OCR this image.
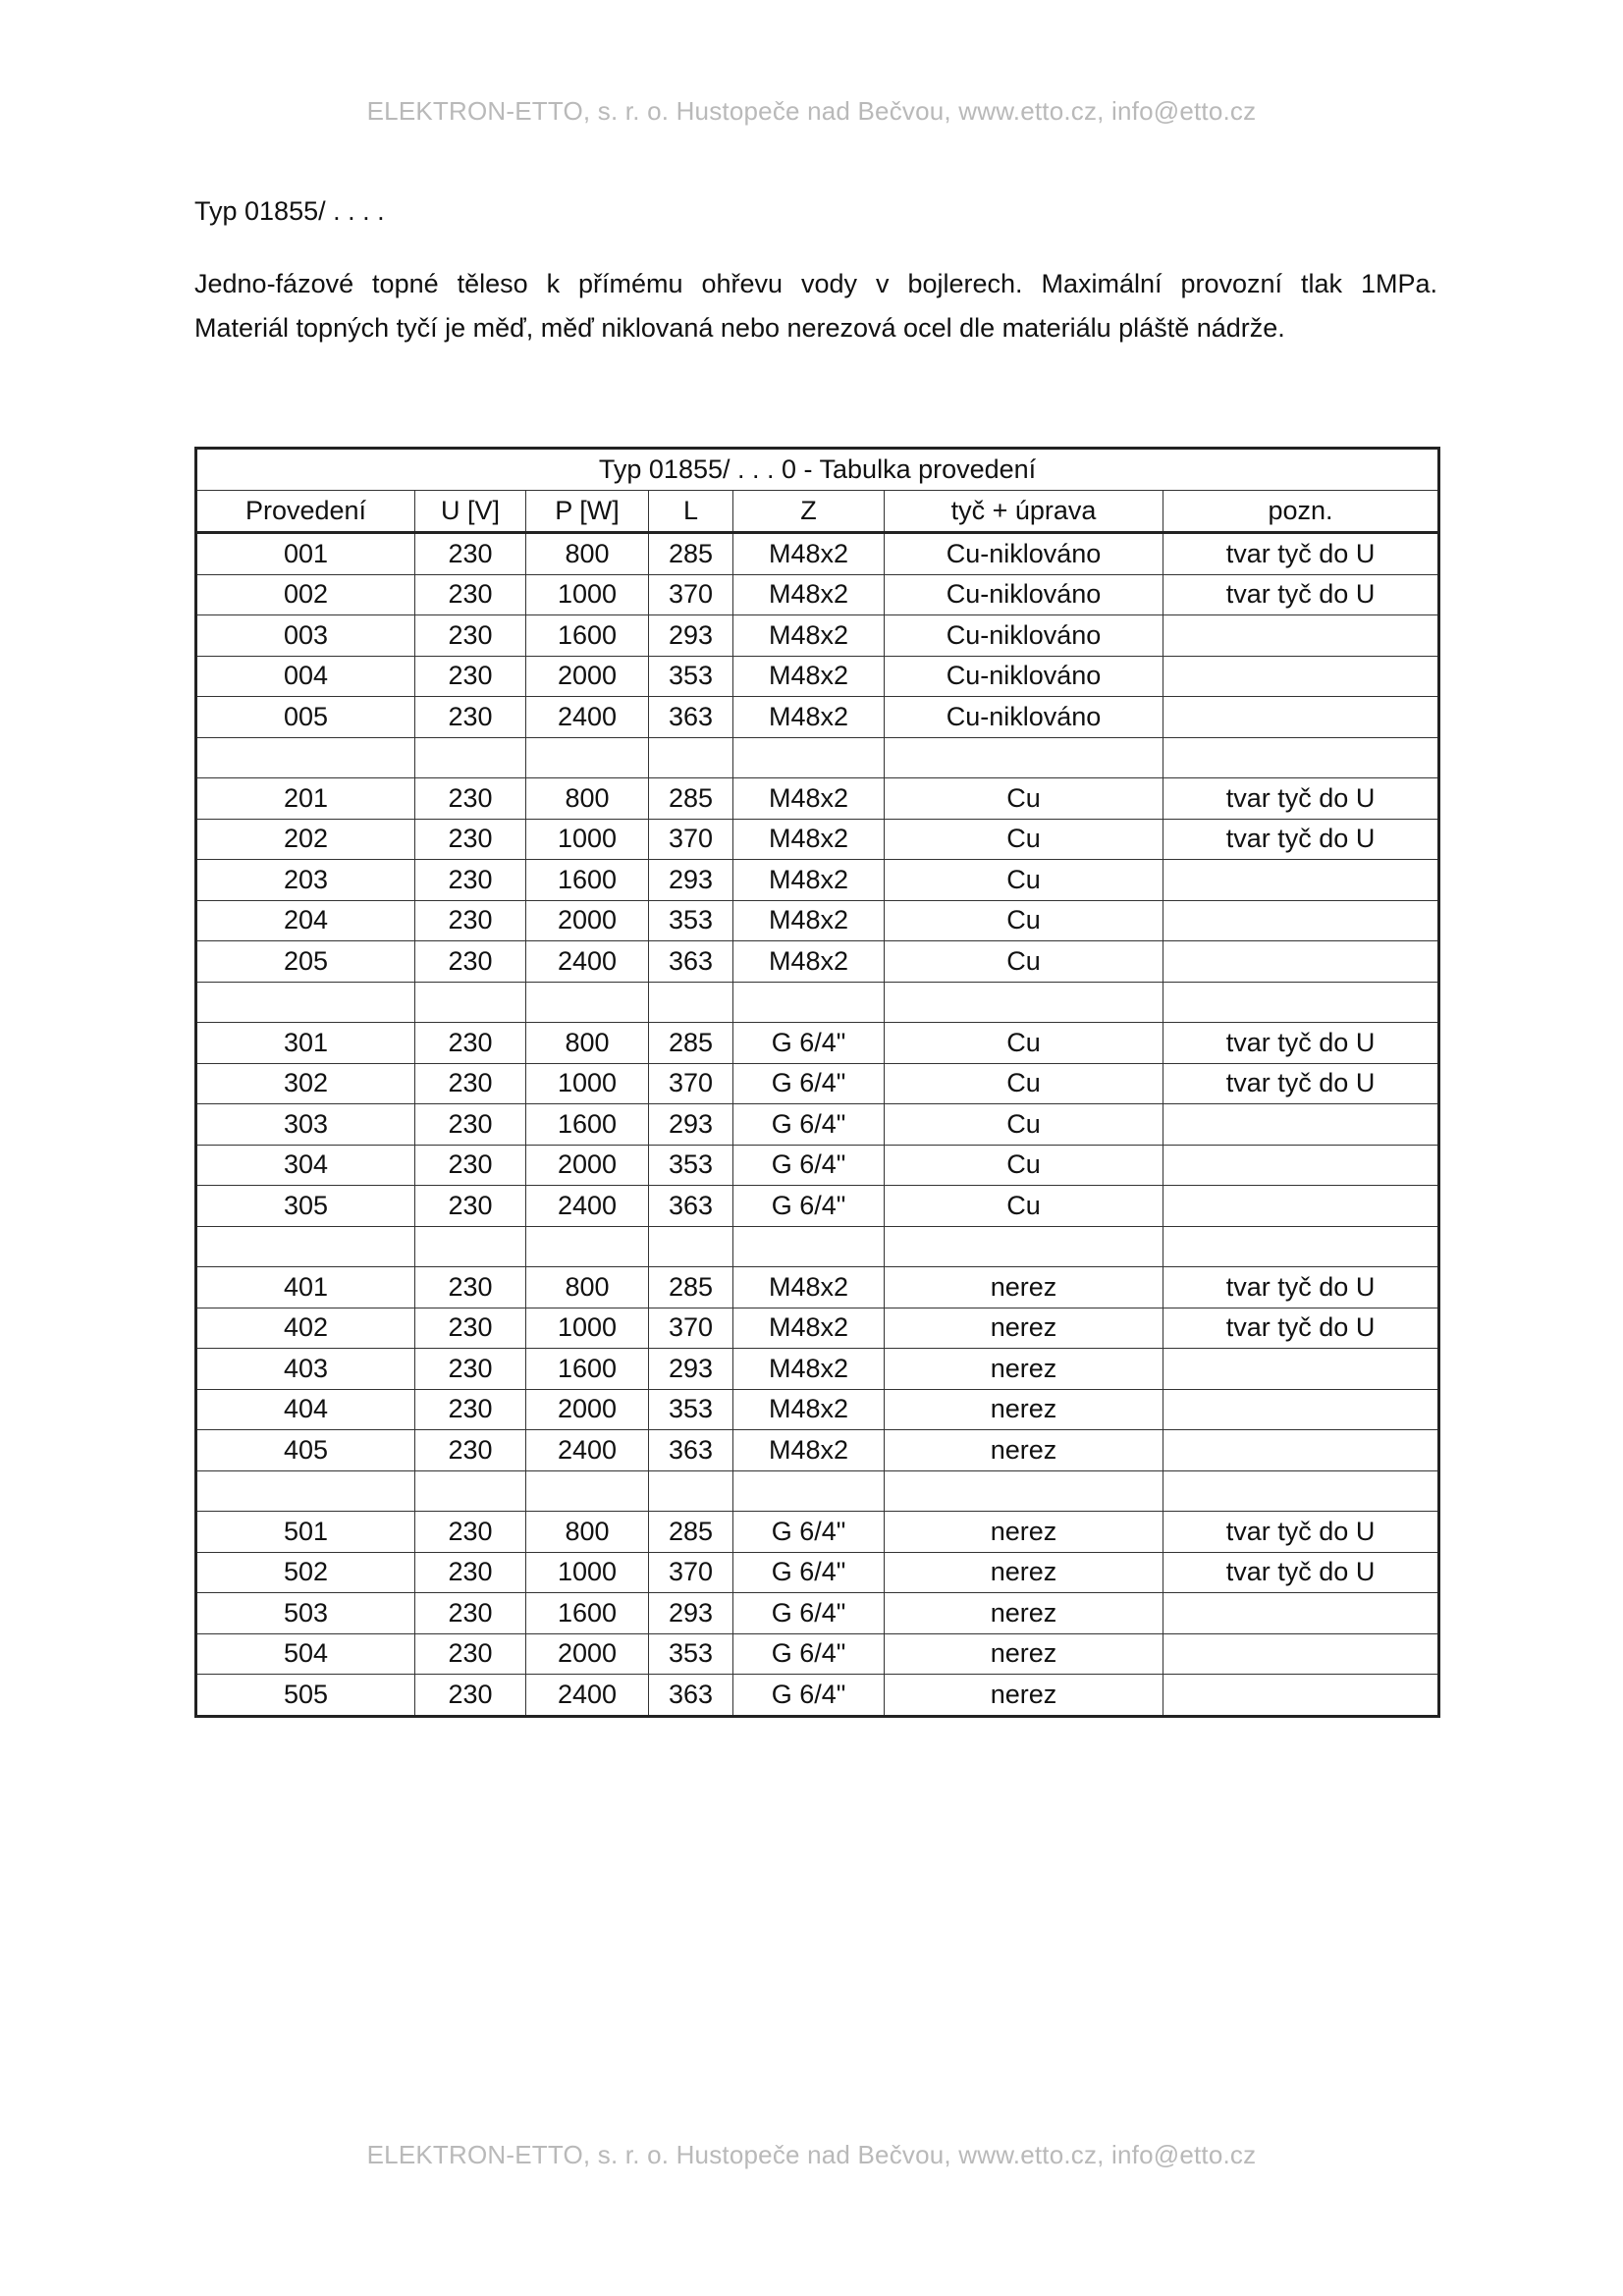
ELEKTRON-ETTO, s. r. o. Hustopeče nad Bečvou, www.etto.cz, info@etto.cz
Typ 01855/ . . . .

Jedno-fázové topné těleso k přímému ohřevu vody v bojlerech. Maximální provozní tlak 1MPa.

Materiál topných tyčí je měď, měď niklovaná nebo nerezová ocel dle materiálu pláště nádrže.

Typ 01855/ . . . 0 - Tabulka provedení						
Provedení	U [V]	P [W]	L	Z	tyč + úprava	pozn.
001	230	800	285	M48x2	Cu-niklováno	tvar tyč do U
002	230	1000	370	M48x2	Cu-niklováno	tvar tyč do U
003	230	1600	293	M48x2	Cu-niklováno	
004	230	2000	353	M48x2	Cu-niklováno	
005	230	2400	363	M48x2	Cu-niklováno	

201	230	800	285	M48x2	Cu	tvar tyč do U
202	230	1000	370	M48x2	Cu	tvar tyč do U
203	230	1600	293	M48x2	Cu	
204	230	2000	353	M48x2	Cu	
205	230	2400	363	M48x2	Cu	

301	230	800	285	G 6/4"	Cu	tvar tyč do U
302	230	1000	370	G 6/4"	Cu	tvar tyč do U
303	230	1600	293	G 6/4"	Cu	
304	230	2000	353	G 6/4"	Cu	
305	230	2400	363	G 6/4"	Cu	

401	230	800	285	M48x2	nerez	tvar tyč do U
402	230	1000	370	M48x2	nerez	tvar tyč do U
403	230	1600	293	M48x2	nerez	
404	230	2000	353	M48x2	nerez	
405	230	2400	363	M48x2	nerez	

501	230	800	285	G 6/4"	nerez	tvar tyč do U
502	230	1000	370	G 6/4"	nerez	tvar tyč do U
503	230	1600	293	G 6/4"	nerez	
504	230	2000	353	G 6/4"	nerez	
505	230	2400	363	G 6/4"	nerez	
ELEKTRON-ETTO, s. r. o. Hustopeče nad Bečvou, www.etto.cz, info@etto.cz
